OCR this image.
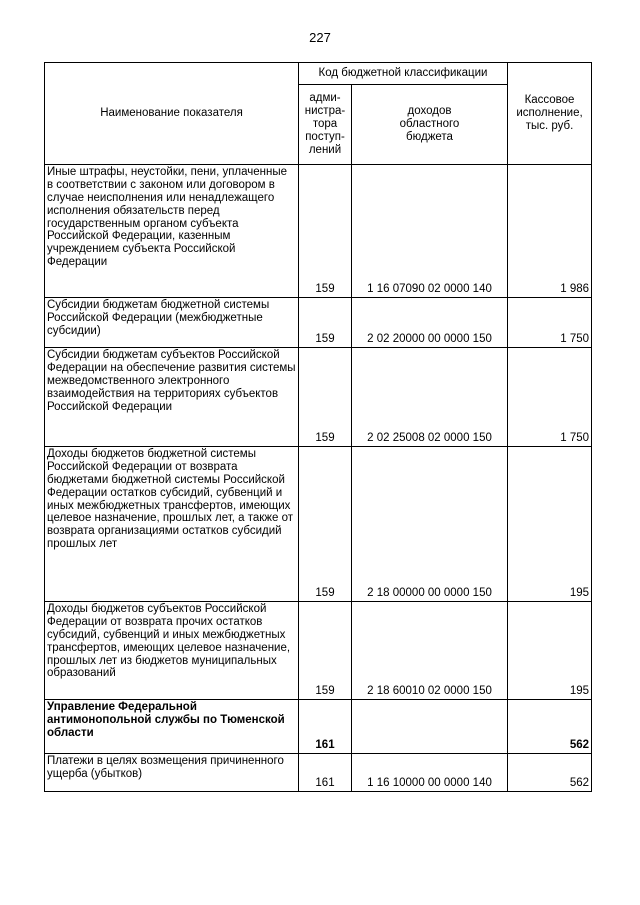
227
Наименование показателя	Код бюджетной классификации		Кассовое
исполнение,
тыс. руб.
	адми-
нистра-
тора
поступ-
лений	доходов
областного
бюджета	
Иные штрафы, неустойки, пени, уплаченные в соответствии с законом или договором в случае неисполнения или ненадлежащего исполнения обязательств перед государственным органом субъекта Российской Федерации, казенным учреждением субъекта Российской Федерации	159	1 16 07090 02 0000 140	1 986
Субсидии бюджетам бюджетной системы Российской Федерации (межбюджетные субсидии)	159	2 02 20000 00 0000 150	1 750
Субсидии бюджетам субъектов Российской Федерации на обеспечение развития системы межведомственного электронного взаимодействия на территориях субъектов Российской Федерации	159	2 02 25008 02 0000 150	1 750
Доходы бюджетов бюджетной системы Российской Федерации от возврата бюджетами бюджетной системы Российской Федерации остатков субсидий, субвенций и иных межбюджетных трансфертов, имеющих целевое назначение, прошлых лет, а также от возврата организациями остатков субсидий прошлых лет	159	2 18 00000 00 0000 150	195
Доходы бюджетов субъектов Российской Федерации от возврата прочих остатков субсидий, субвенций и иных межбюджетных трансфертов, имеющих целевое назначение, прошлых лет из бюджетов муниципальных образований	159	2 18 60010 02 0000 150	195
Управление Федеральной антимонопольной службы по Тюменской области	161		562
Платежи в целях возмещения причиненного ущерба (убытков)	161	1 16 10000 00 0000 140	562
